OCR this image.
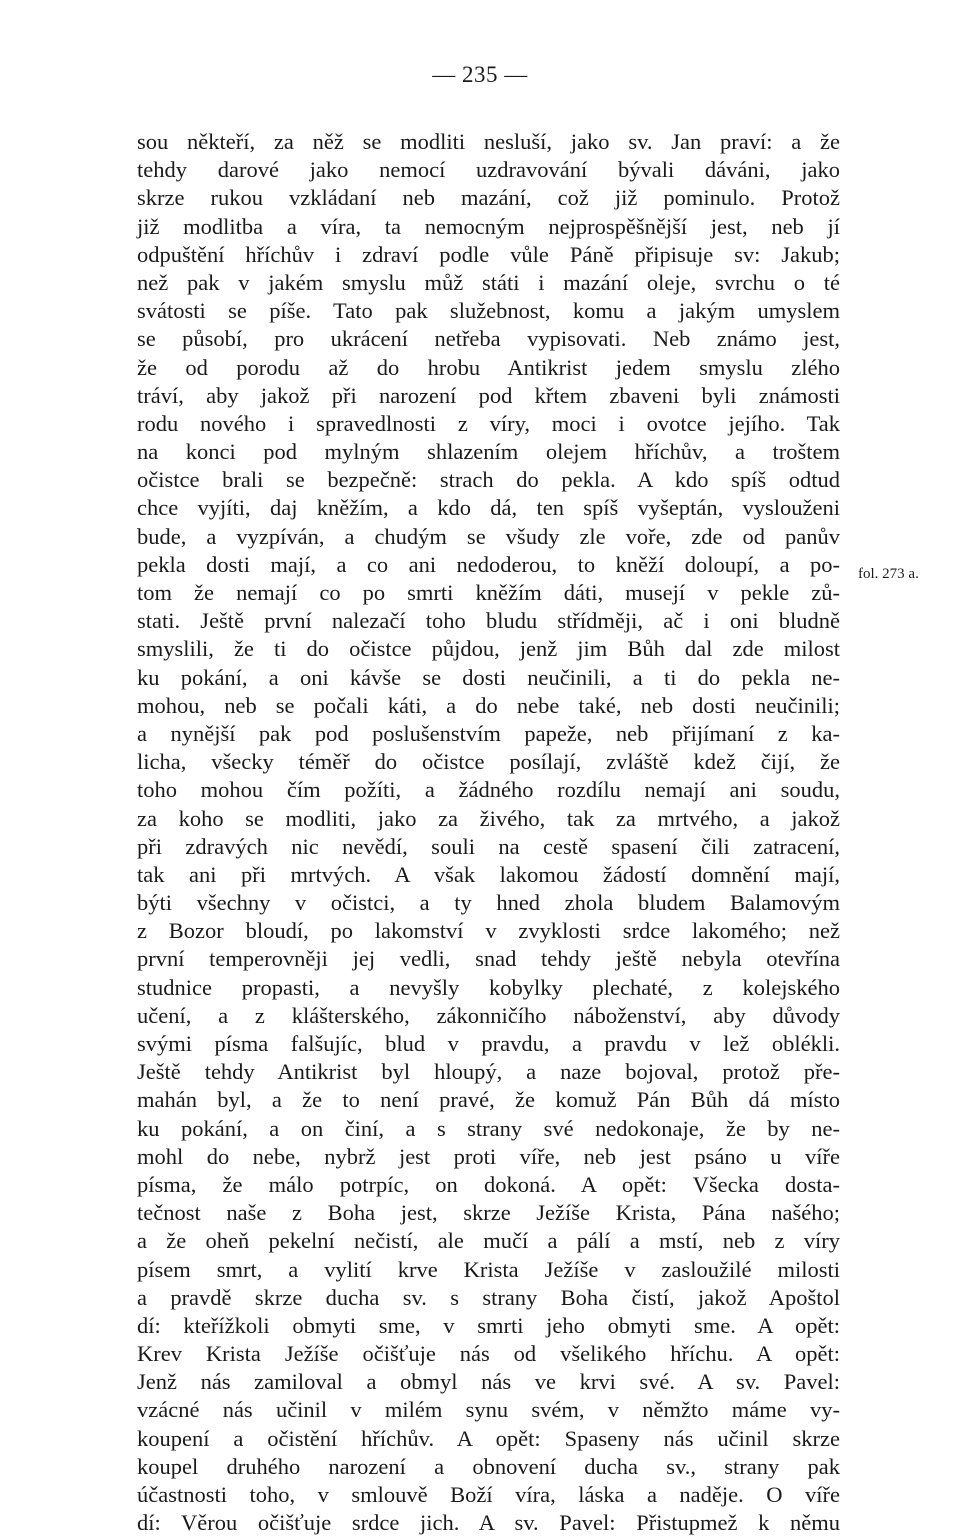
— 235 —
sou někteří, za něž se modliti nesluší, jako sv. Jan praví: a že
tehdy darové jako nemocí uzdravování bývali dáváni, jako
skrze rukou vzkládaní neb mazání, což již pominulo. Protož
již modlitba a víra, ta nemocným nejprospěšnější jest, neb jí
odpuštění hříchův i zdraví podle vůle Páně připisuje sv: Jakub;
než pak v jakém smyslu můž státi i mazání oleje, svrchu o té
svátosti se píše. Tato pak služebnost, komu a jakým umyslem
se působí, pro ukrácení netřeba vypisovati. Neb známo jest,
že od porodu až do hrobu Antikrist jedem smyslu zlého
tráví, aby jakož při narození pod křtem zbaveni byli známosti
rodu nového i spravedlnosti z víry, moci i ovotce jejího. Tak
na konci pod mylným shlazením olejem hříchův, a troštem
očistce brali se bezpečně: strach do pekla. A kdo spíš odtud
chce vyjíti, daj kněžím, a kdo dá, ten spíš vyšeptán, vyslouženi
bude, a vyzpíván, a chudým se všudy zle voře, zde od panův
pekla dosti mají, a co ani nedoderou, to kněží doloupí, a po-
tom že nemají co po smrti kněžím dáti, musejí v pekle zů-
stati. Ještě první nalezačí toho bludu střídměji, ač i oni bludně
smyslili, že ti do očistce půjdou, jenž jim Bůh dal zde milost
ku pokání, a oni kávše se dosti neučinili, a ti do pekla ne-
mohou, neb se počali káti, a do nebe také, neb dosti neučinili;
a nynější pak pod poslušenstvím papeže, neb přijímaní z ka-
licha, všecky téměř do očistce posílají, zvláště kdež čijí, že
toho mohou čím požíti, a žádného rozdílu nemají ani soudu,
za koho se modliti, jako za živého, tak za mrtvého, a jakož
při zdravých nic nevědí, souli na cestě spasení čili zatracení,
tak ani při mrtvých. A však lakomou žádostí domnění mají,
býti všechny v očistci, a ty hned zhola bludem Balamovým
z Bozor bloudí, po lakomství v zvyklosti srdce lakomého; než
první temperovněji jej vedli, snad tehdy ještě nebyla otevřína
studnice propasti, a nevyšly kobylky plechaté, z kolejského
učení, a z klášterského, zákonničího náboženství, aby důvody
svými písma falšujíc, blud v pravdu, a pravdu v lež oblékli.
Ještě tehdy Antikrist byl hloupý, a naze bojoval, protož pře-
mahán byl, a že to není pravé, že komuž Pán Bůh dá místo
ku pokání, a on činí, a s strany své nedokonaje, že by ne-
mohl do nebe, nybrž jest proti víře, neb jest psáno u víře
písma, že málo potrpíc, on dokoná. A opět: Všecka dosta-
tečnost naše z Boha jest, skrze Ježíše Krista, Pána našého;
a že oheň pekelní nečistí, ale mučí a pálí a mstí, neb z víry
písem smrt, a vylití krve Krista Ježíše v zasloužilé milosti
a pravdě skrze ducha sv. s strany Boha čistí, jakož Apoštol
dí: kteřížkoli obmyti sme, v smrti jeho obmyti sme. A opět:
Krev Krista Ježíše očišťuje nás od všelikého hříchu. A opět:
Jenž nás zamiloval a obmyl nás ve krvi své. A sv. Pavel:
vzácné nás učinil v milém synu svém, v němžto máme vy-
koupení a očistění hříchův. A opět: Spaseny nás učinil skrze
koupel druhého narození a obnovení ducha sv., strany pak
účastnosti toho, v smlouvě Boží víra, láska a naděje. O víře
dí: Věrou očišťuje srdce jich. A sv. Pavel: Přistupmež k němu
fol. 273 a.
